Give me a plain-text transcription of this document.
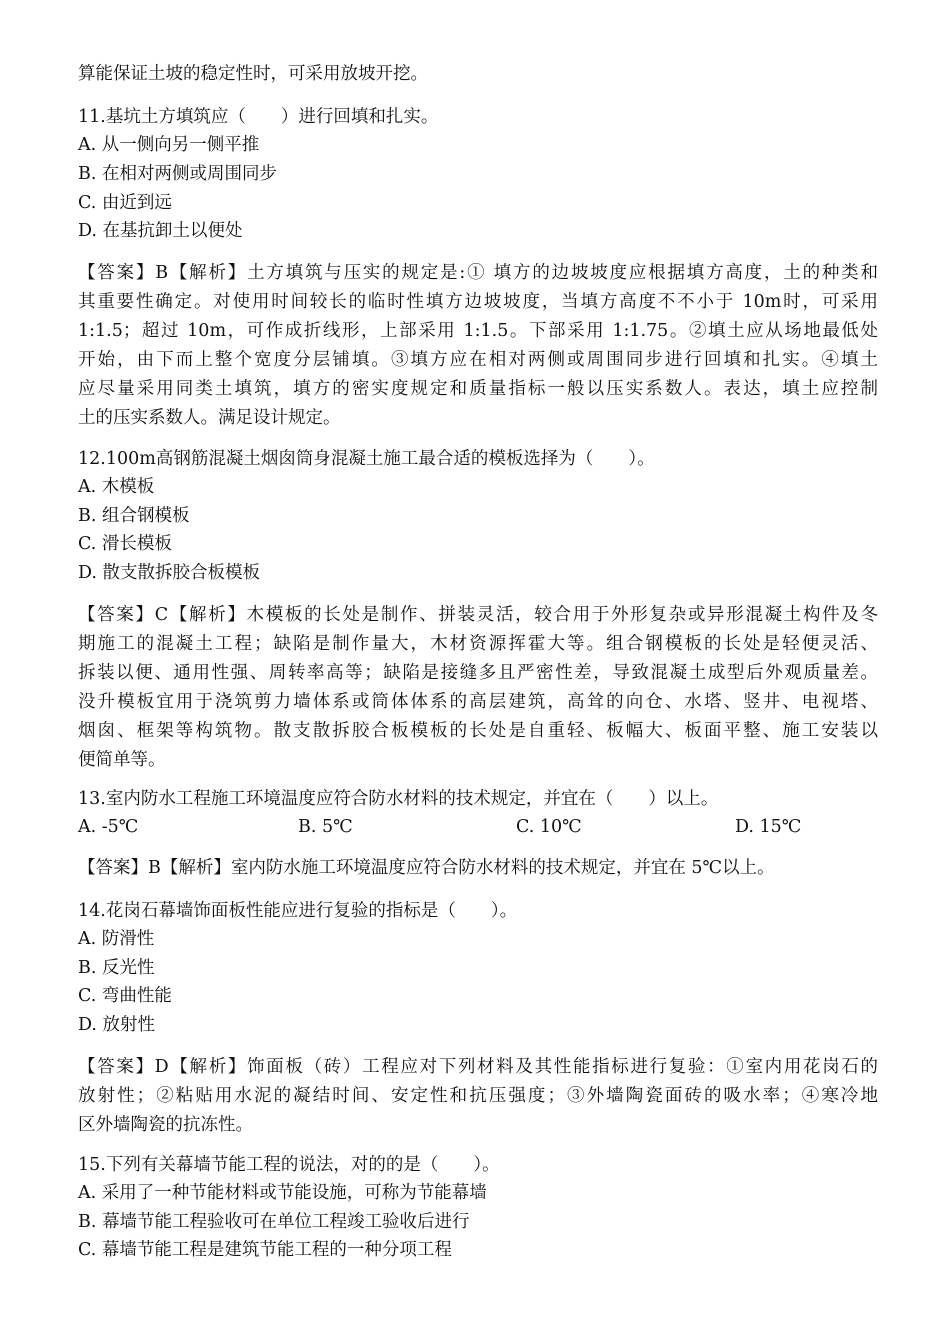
算能保证土坡的稳定性时，可采用放坡开挖。
11.基坑土方填筑应（　　）进行回填和扎实。
A. 从一侧向另一侧平推
B. 在相对两侧或周围同步
C. 由近到远
D. 在基抗卸土以便处
【答案】B【解析】土方填筑与压实的规定是:① 填方的边坡坡度应根据填方高度，土的种类和
其重要性确定。对使用时间较长的临时性填方边坡坡度，当填方高度不不小于 10m时，可采用
1:1.5；超过 10m，可作成折线形，上部采用 1:1.5。下部采用 1:1.75。②填土应从场地最低处
开始，由下而上整个宽度分层铺填。③填方应在相对两侧或周围同步进行回填和扎实。④填土
应尽量采用同类土填筑，填方的密实度规定和质量指标一般以压实系数人。表达，填土应控制
土的压实系数人。满足设计规定。
12.100m高钢筋混凝土烟囱筒身混凝土施工最合适的模板选择为（　　）。
A. 木模板
B. 组合钢模板
C. 滑长模板
D. 散支散拆胶合板模板
【答案】C【解析】木模板的长处是制作、拼装灵活，较合用于外形复杂或异形混凝土构件及冬
期施工的混凝土工程；缺陷是制作量大，木材资源挥霍大等。组合钢模板的长处是轻便灵活、
拆装以便、通用性强、周转率高等；缺陷是接缝多且严密性差，导致混凝土成型后外观质量差。
没升模板宜用于浇筑剪力墙体系或筒体体系的高层建筑，高耸的向仓、水塔、竖井、电视塔、
烟囱、框架等构筑物。散支散拆胶合板模板的长处是自重轻、板幅大、板面平整、施工安装以
便简单等。
13.室内防水工程施工环境温度应符合防水材料的技术规定，并宜在（　　）以上。
A. -5℃	B. 5℃	C. 10℃	D. 15℃
【答案】B【解析】室内防水施工环境温度应符合防水材料的技术规定，并宜在 5℃以上。
14.花岗石幕墙饰面板性能应进行复验的指标是（　　）。
A. 防滑性
B. 反光性
C. 弯曲性能
D. 放射性
【答案】D【解析】饰面板（砖）工程应对下列材料及其性能指标进行复验：①室内用花岗石的
放射性；②粘贴用水泥的凝结时间、安定性和抗压强度；③外墙陶瓷面砖的吸水率；④寒冷地
区外墙陶瓷的抗冻性。
15.下列有关幕墙节能工程的说法，对的的是（　　）。
A. 采用了一种节能材料或节能设施，可称为节能幕墙
B. 幕墙节能工程验收可在单位工程竣工验收后进行
C. 幕墙节能工程是建筑节能工程的一种分项工程
